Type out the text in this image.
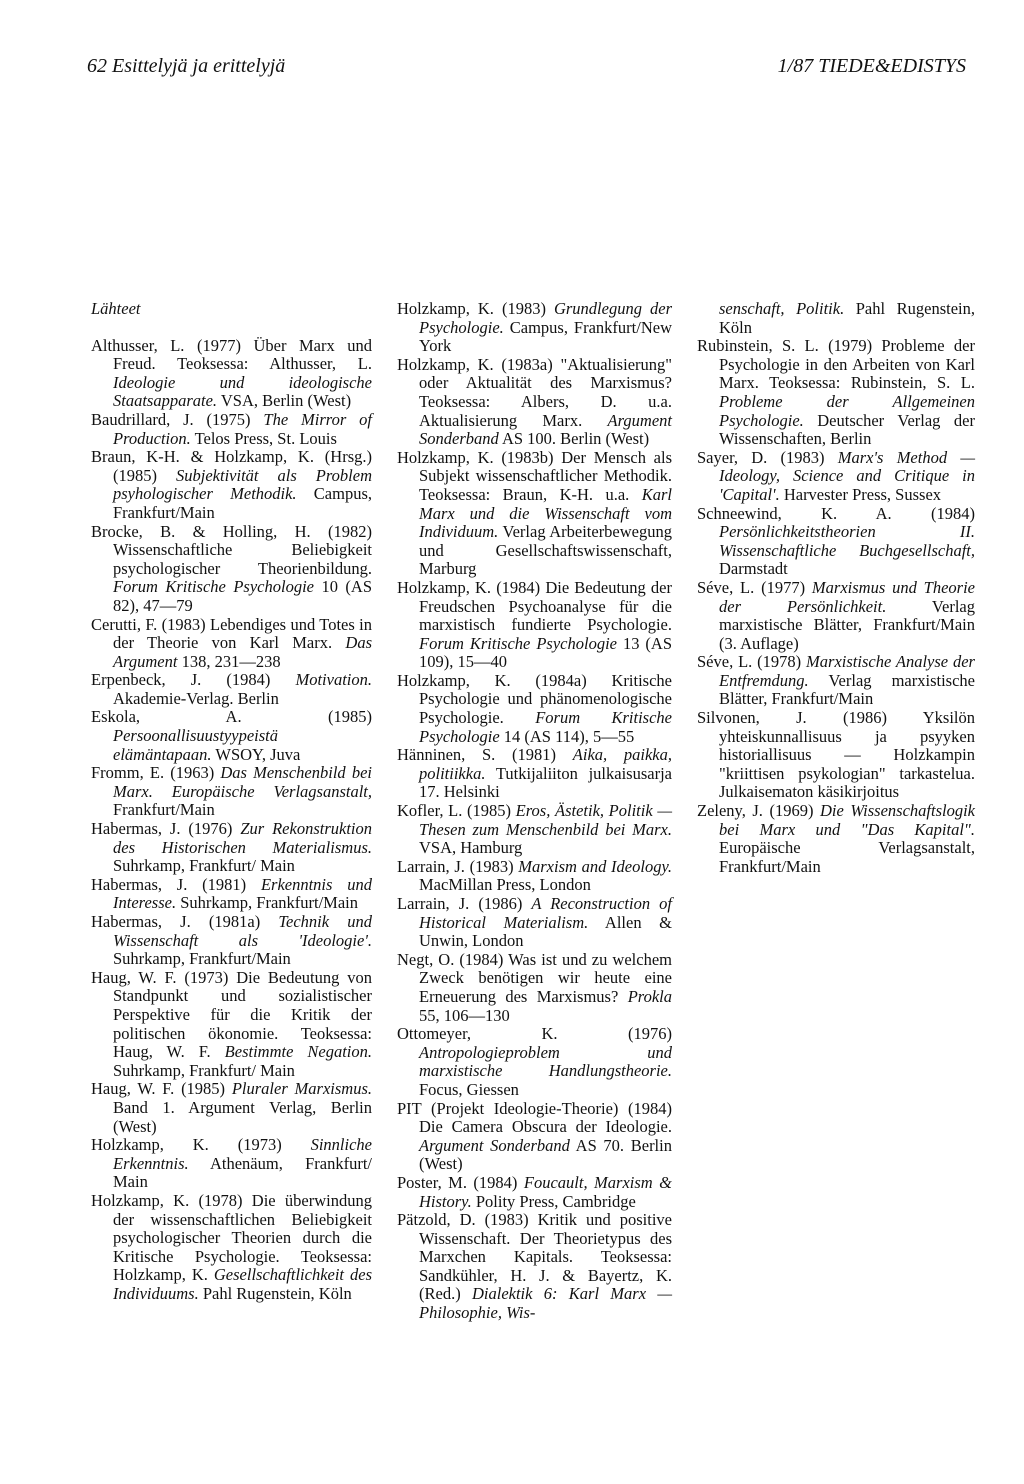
62 Esittelyjä ja erittelyjä	1/87 TIEDE&EDISTYS
Lähteet

Althusser, L. (1977) Über Marx und Freud. Teoksessa: Althusser, L. Ideologie und ideologische Staatsapparate. VSA, Berlin (West)

Baudrillard, J. (1975) The Mirror of Production. Telos Press, St. Louis

Braun, K-H. & Holzkamp, K. (Hrsg.) (1985) Subjektivität als Problem psyhologischer Methodik. Campus, Frankfurt/Main

Brocke, B. & Holling, H. (1982) Wissenschaftliche Beliebigkeit psychologischer Theorienbildung. Forum Kritische Psychologie 10 (AS 82), 47—79

Cerutti, F. (1983) Lebendiges und Totes in der Theorie von Karl Marx. Das Argument 138, 231—238

Erpenbeck, J. (1984) Motivation. Akademie-Verlag. Berlin

Eskola, A. (1985) Persoonallisuustyypeistä elämäntapaan. WSOY, Juva

Fromm, E. (1963) Das Menschenbild bei Marx. Europäische Verlagsanstalt, Frankfurt/Main

Habermas, J. (1976) Zur Rekonstruktion des Historischen Materialismus. Suhrkamp, Frankfurt/ Main

Habermas, J. (1981) Erkenntnis und Interesse. Suhrkamp, Frankfurt/Main

Habermas, J. (1981a) Technik und Wissenschaft als 'Ideologie'. Suhrkamp, Frankfurt/Main

Haug, W. F. (1973) Die Bedeutung von Standpunkt und sozialistischer Perspektive für die Kritik der politischen ökonomie. Teoksessa: Haug, W. F. Bestimmte Negation. Suhrkamp, Frankfurt/ Main

Haug, W. F. (1985) Pluraler Marxismus. Band 1. Argument Verlag, Berlin (West)

Holzkamp, K. (1973) Sinnliche Erkenntnis. Athenäum, Frankfurt/ Main

Holzkamp, K. (1978) Die überwindung der wissenschaftlichen Beliebigkeit psychologischer Theorien durch die Kritische Psychologie. Teoksessa: Holzkamp, K. Gesellschaftlichkeit des Individuums. Pahl Rugenstein, Köln

Holzkamp, K. (1983) Grundlegung der Psychologie. Campus, Frankfurt/New York

Holzkamp, K. (1983a) "Aktualisierung" oder Aktualität des Marxismus? Teoksessa: Albers, D. u.a. Aktualisierung Marx. Argument Sonderband AS 100. Berlin (West)

Holzkamp, K. (1983b) Der Mensch als Subjekt wissenschaftlicher Methodik. Teoksessa: Braun, K-H. u.a. Karl Marx und die Wissenschaft vom Individuum. Verlag Arbeiterbewegung und Gesellschaftswissenschaft, Marburg

Holzkamp, K. (1984) Die Bedeutung der Freudschen Psychoanalyse für die marxistisch fundierte Psychologie. Forum Kritische Psychologie 13 (AS 109), 15—40

Holzkamp, K. (1984a) Kritische Psychologie und phänomenologische Psychologie. Forum Kritische Psychologie 14 (AS 114), 5—55

Hänninen, S. (1981) Aika, paikka, politiikka. Tutkijaliiton julkaisusarja 17. Helsinki

Kofler, L. (1985) Eros, Ästetik, Politik — Thesen zum Menschenbild bei Marx. VSA, Hamburg

Larrain, J. (1983) Marxism and Ideology. MacMillan Press, London

Larrain, J. (1986) A Reconstruction of Historical Materialism. Allen & Unwin, London

Negt, O. (1984) Was ist und zu welchem Zweck benötigen wir heute eine Erneuerung des Marxismus? Prokla 55, 106—130

Ottomeyer, K. (1976) Antropologieproblem und marxistische Handlungstheorie. Focus, Giessen

PIT (Projekt Ideologie-Theorie) (1984) Die Camera Obscura der Ideologie. Argument Sonderband AS 70. Berlin (West)

Poster, M. (1984) Foucault, Marxism & History. Polity Press, Cambridge

Pätzold, D. (1983) Kritik und positive Wissenschaft. Der Theorietypus des Marxchen Kapitals. Teoksessa: Sandkühler, H. J. & Bayertz, K. (Red.) Dialektik 6: Karl Marx — Philosophie, Wis-

senschaft, Politik. Pahl Rugenstein, Köln

Rubinstein, S. L. (1979) Probleme der Psychologie in den Arbeiten von Karl Marx. Teoksessa: Rubinstein, S. L. Probleme der Allgemeinen Psychologie. Deutscher Verlag der Wissenschaften, Berlin

Sayer, D. (1983) Marx's Method — Ideology, Science and Critique in 'Capital'. Harvester Press, Sussex

Schneewind, K. A. (1984) Persönlichkeitstheorien II. Wissenschaftliche Buchgesellschaft, Darmstadt

Séve, L. (1977) Marxismus und Theorie der Persönlichkeit. Verlag marxistische Blätter, Frankfurt/Main (3. Auflage)

Séve, L. (1978) Marxistische Analyse der Entfremdung. Verlag marxistische Blätter, Frankfurt/Main

Silvonen, J. (1986) Yksilön yhteiskunnallisuus ja psyyken historiallisuus — Holzkampin "kriittisen psykologian" tarkastelua. Julkaisematon käsikirjoitus

Zeleny, J. (1969) Die Wissenschaftslogik bei Marx und "Das Kapital". Europäische Verlagsanstalt, Frankfurt/Main
